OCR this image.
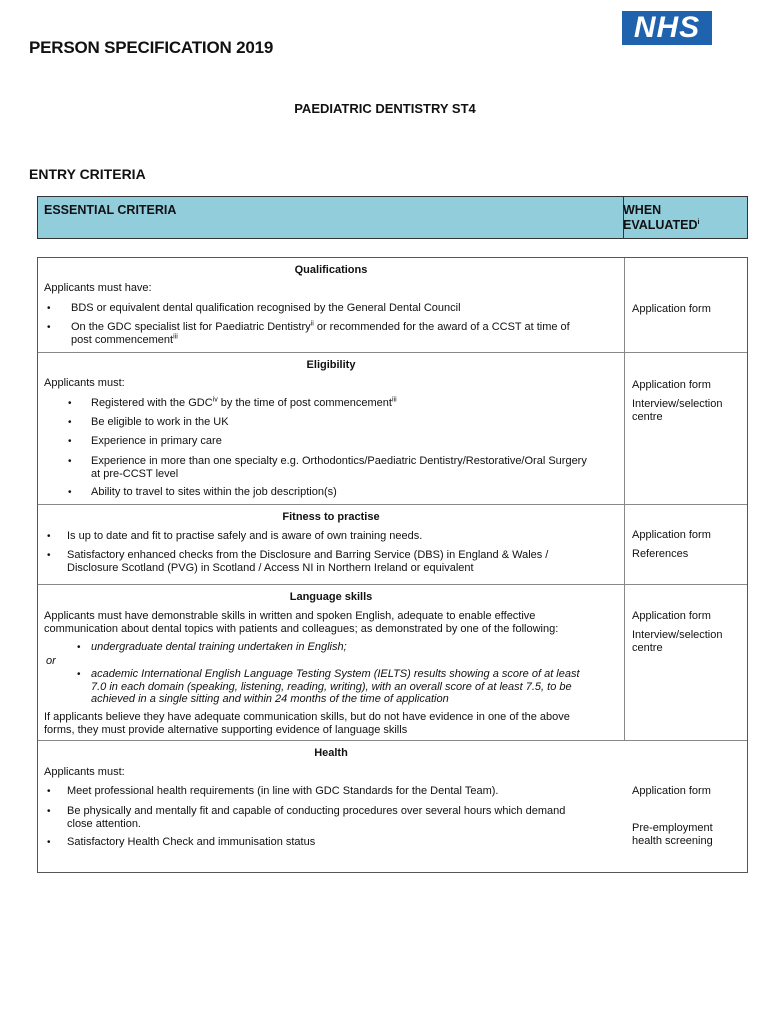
PERSON SPECIFICATION 2019
NHS
PAEDIATRIC DENTISTRY ST4
ENTRY CRITERIA
ESSENTIAL CRITERIA	WHEN
EVALUATED$^i$
Qualifications
Applicants must have:
• BDS or equivalent dental qualification recognised by the General Dental Council
• On the GDC specialist list for Paediatric Dentistry$^{ii}$ or recommended for the award of a CCST at time of
post commencement$^{iii}$
Application form
Eligibility
Applicants must:
• Registered with the GDC$^{iv}$ by the time of post commencement$^{iii}$
• Be eligible to work in the UK
• Experience in primary care
• Experience in more than one specialty e.g. Orthodontics/Paediatric Dentistry/Restorative/Oral Surgery
at pre-CCST level
• Ability to travel to sites within the job description(s)
Application form
Interview/selection
centre
Fitness to practise
• Is up to date and fit to practise safely and is aware of own training needs.
• Satisfactory enhanced checks from the Disclosure and Barring Service (DBS) in England & Wales /
Disclosure Scotland (PVG) in Scotland / Access NI in Northern Ireland or equivalent
Application form
References
Language skills
Applicants must have demonstrable skills in written and spoken English, adequate to enable effective
communication about dental topics with patients and colleagues; as demonstrated by one of the following:
• undergraduate dental training undertaken in English;
or
• academic International English Language Testing System (IELTS) results showing a score of at least
7.0 in each domain (speaking, listening, reading, writing), with an overall score of at least 7.5, to be
achieved in a single sitting and within 24 months of the time of application
If applicants believe they have adequate communication skills, but do not have evidence in one of the above
forms, they must provide alternative supporting evidence of language skills
Application form
Interview/selection
centre
Health
Applicants must:
• Meet professional health requirements (in line with GDC Standards for the Dental Team).
• Be physically and mentally fit and capable of conducting procedures over several hours which demand
close attention.
• Satisfactory Health Check and immunisation status
Application form
Pre-employment
health screening
